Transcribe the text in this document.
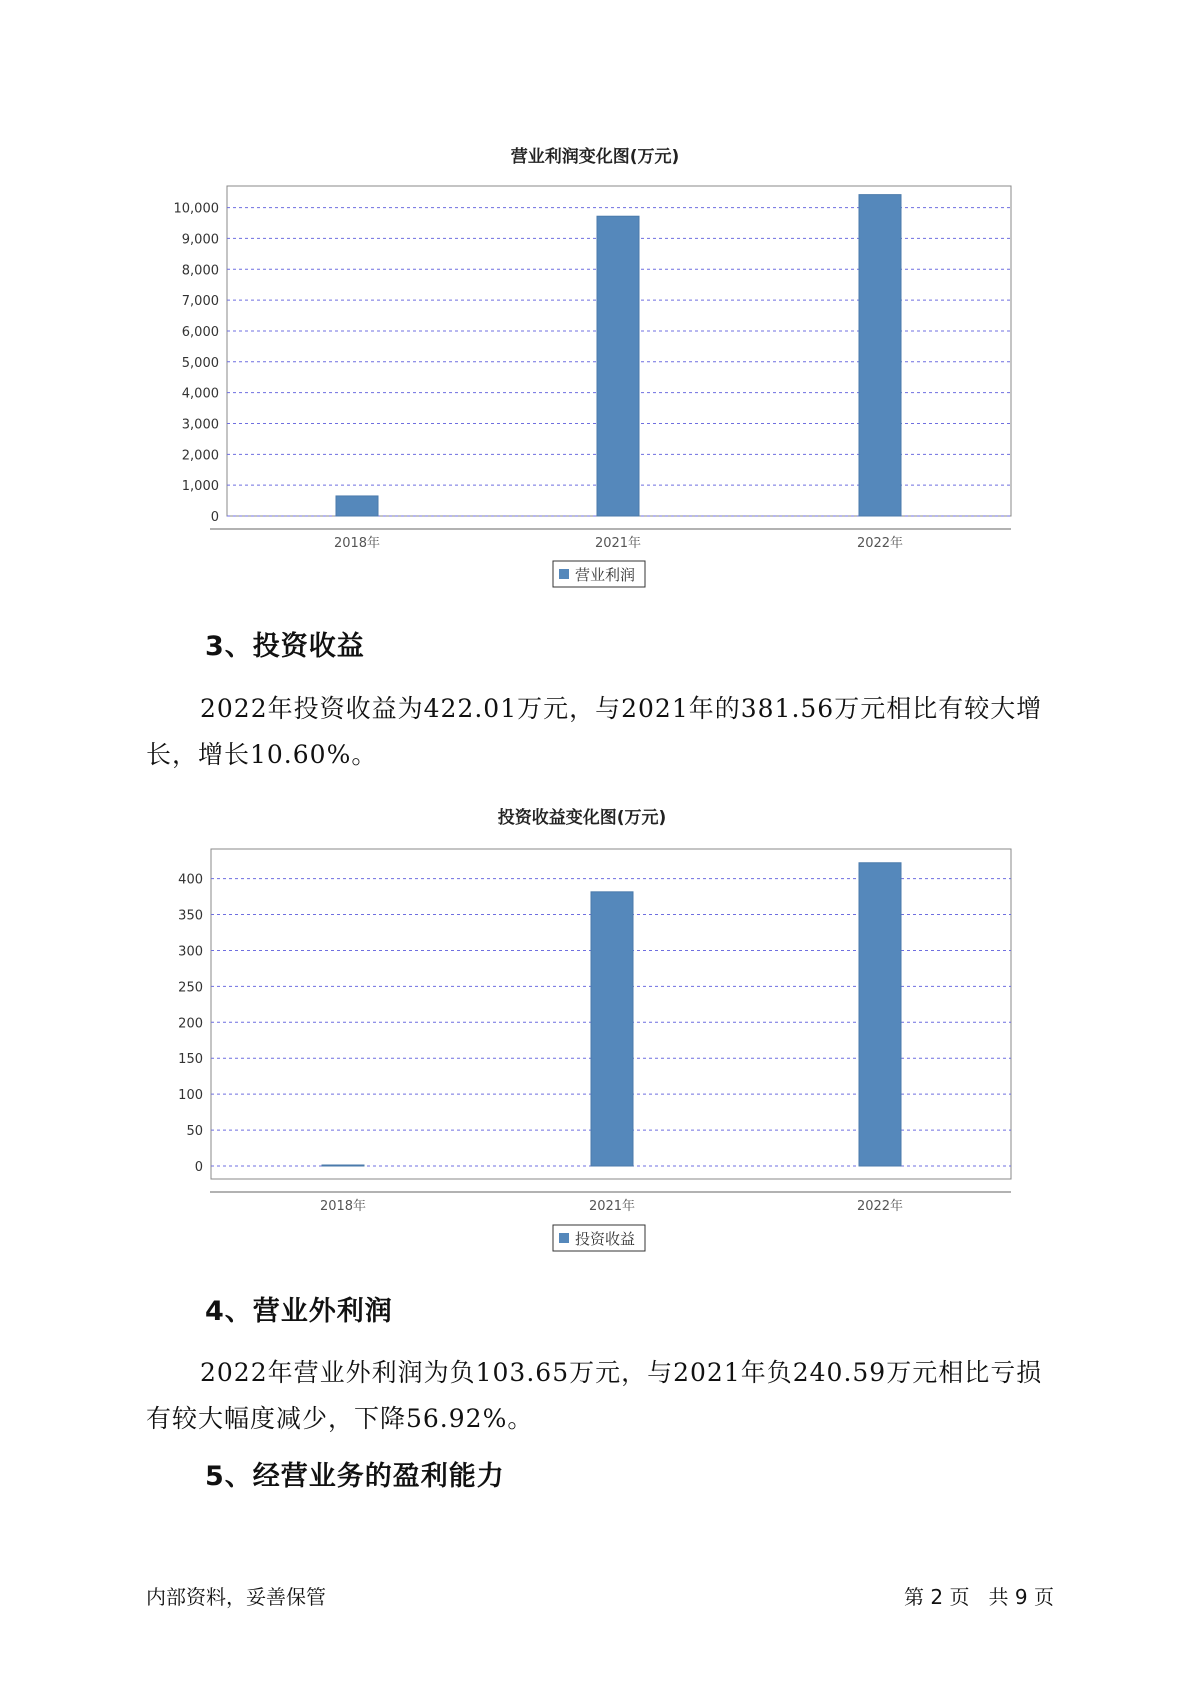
营业利润变化图(万元)
0
1,000
2,000
3,000
4,000
5,000
6,000
7,000
8,000
9,000
10,000
2018年	2021年	2022年
营业利润
3、投资收益

2022年投资收益为422.01万元，与2021年的381.56万元相比有较大增长，增长10.60%。

投资收益变化图(万元)
0
50
100
150
200
250
300
350
400
2018年	2021年	2022年
投资收益
4、营业外利润

2022年营业外利润为负103.65万元，与2021年负240.59万元相比亏损有较大幅度减少，下降56.92%。

5、经营业务的盈利能力
内部资料，妥善保管	第 2 页   共 9 页
